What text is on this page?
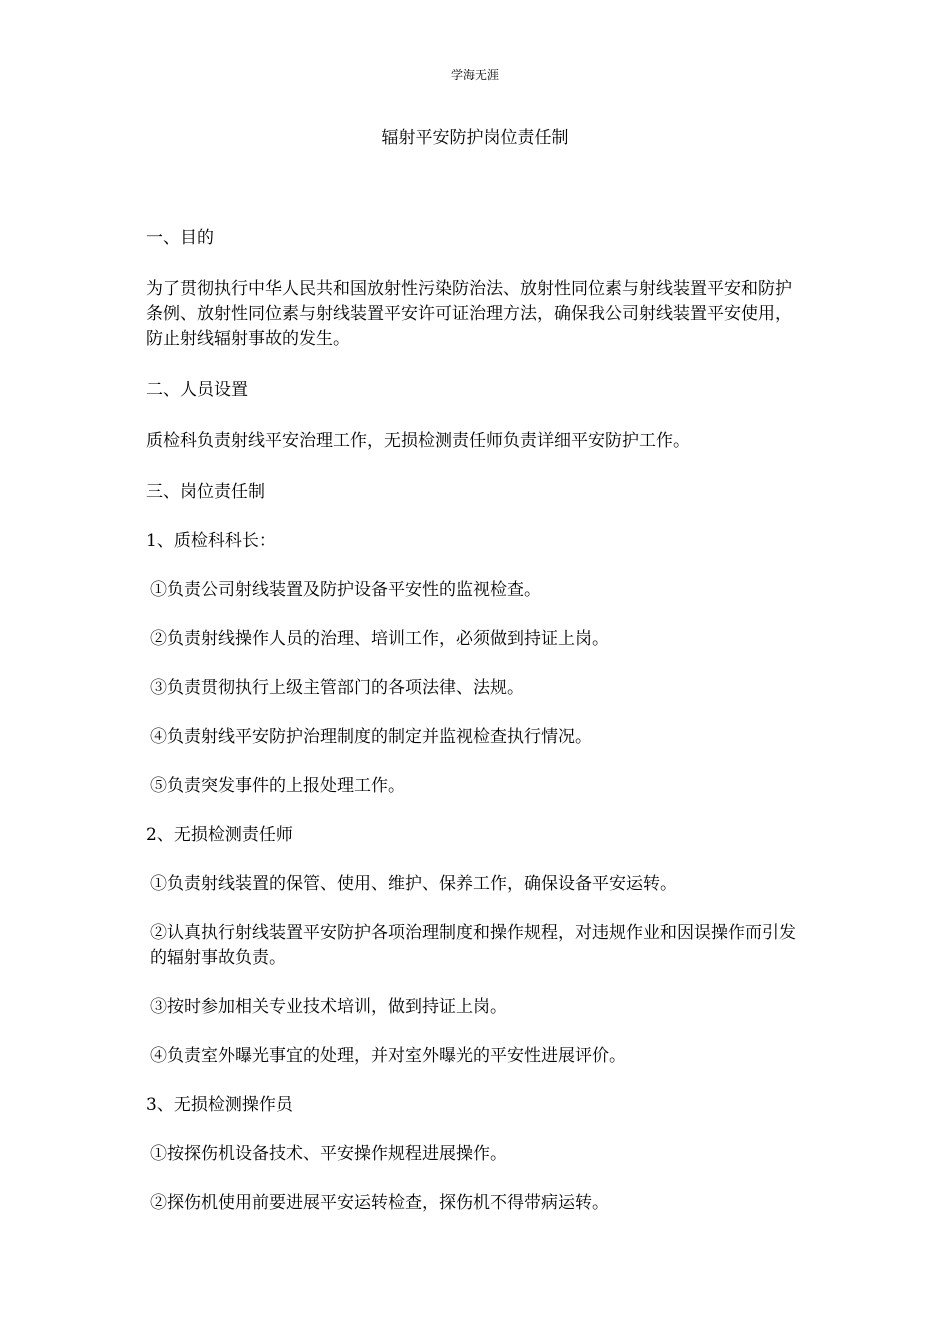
学海无涯
辐射平安防护岗位责任制

一、目的

为了贯彻执行中华人民共和国放射性污染防治法、放射性同位素与射线装置平安和防护条例、放射性同位素与射线装置平安许可证治理方法，确保我公司射线装置平安使用，防止射线辐射事故的发生。

二、人员设置

质检科负责射线平安治理工作，无损检测责任师负责详细平安防护工作。

三、岗位责任制

1、质检科科长：

①负责公司射线装置及防护设备平安性的监视检查。

②负责射线操作人员的治理、培训工作，必须做到持证上岗。

③负责贯彻执行上级主管部门的各项法律、法规。

④负责射线平安防护治理制度的制定并监视检查执行情况。

⑤负责突发事件的上报处理工作。

2、无损检测责任师

①负责射线装置的保管、使用、维护、保养工作，确保设备平安运转。

②认真执行射线装置平安防护各项治理制度和操作规程，对违规作业和因误操作而引发的辐射事故负责。

③按时参加相关专业技术培训，做到持证上岗。

④负责室外曝光事宜的处理，并对室外曝光的平安性进展评价。

3、无损检测操作员

①按探伤机设备技术、平安操作规程进展操作。

②探伤机使用前要进展平安运转检查，探伤机不得带病运转。
